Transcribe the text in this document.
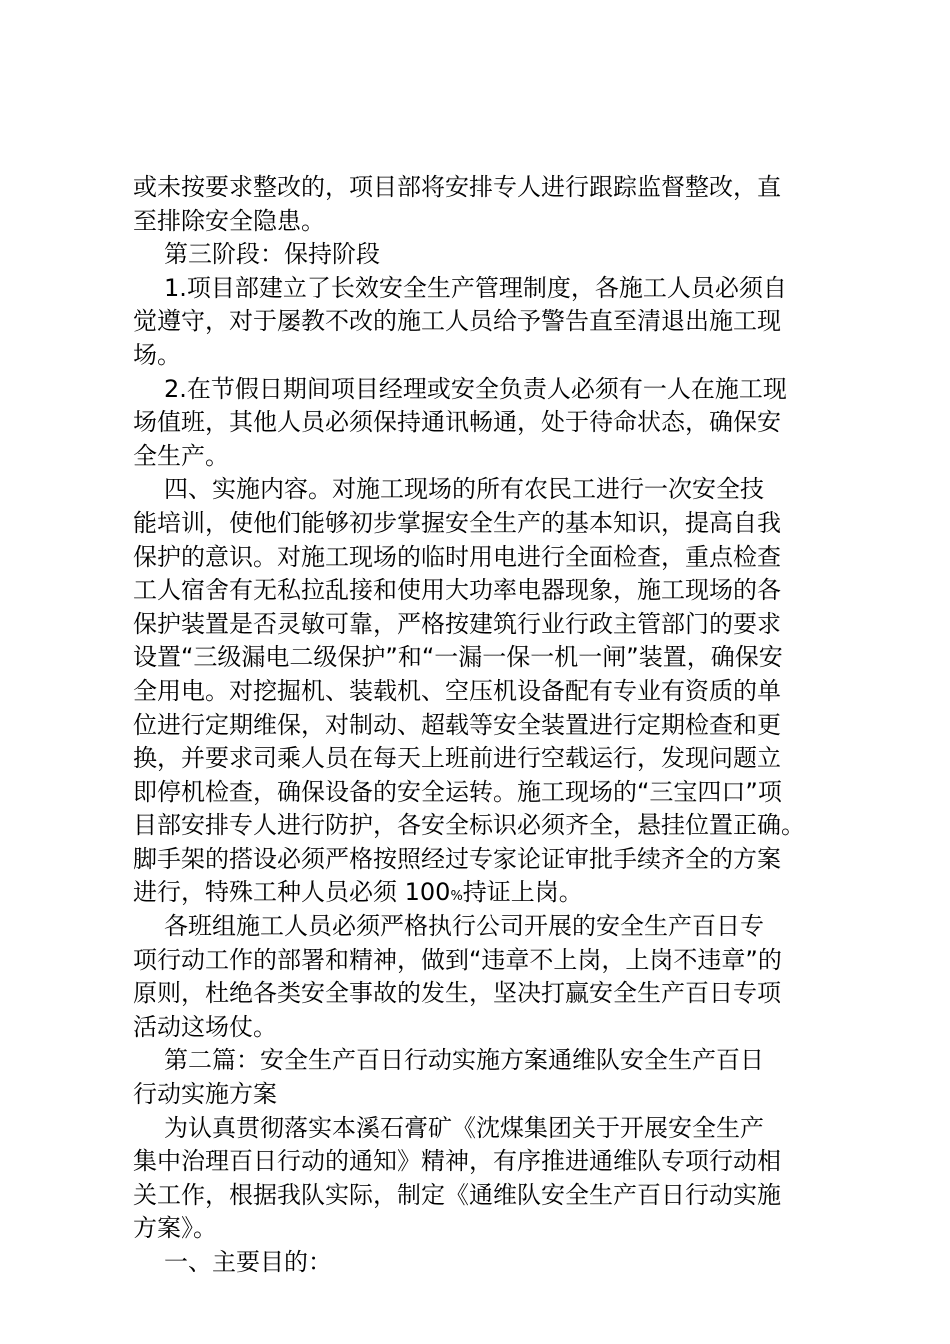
或未按要求整改的，项目部将安排专人进行跟踪监督整改，直
至排除安全隐患。
第三阶段：保持阶段
1.项目部建立了长效安全生产管理制度，各施工人员必须自
觉遵守，对于屡教不改的施工人员给予警告直至清退出施工现
场。
2.在节假日期间项目经理或安全负责人必须有一人在施工现
场值班，其他人员必须保持通讯畅通，处于待命状态，确保安
全生产。
四、实施内容。对施工现场的所有农民工进行一次安全技
能培训，使他们能够初步掌握安全生产的基本知识，提高自我
保护的意识。对施工现场的临时用电进行全面检查，重点检查
工人宿舍有无私拉乱接和使用大功率电器现象，施工现场的各
保护装置是否灵敏可靠，严格按建筑行业行政主管部门的要求
设置“三级漏电二级保护”和“一漏一保一机一闸”装置，确保安
全用电。对挖掘机、装载机、空压机设备配有专业有资质的单
位进行定期维保，对制动、超载等安全装置进行定期检查和更
换，并要求司乘人员在每天上班前进行空载运行，发现问题立
即停机检查，确保设备的安全运转。施工现场的“三宝四口”项
目部安排专人进行防护，各安全标识必须齐全，悬挂位置正确。
脚手架的搭设必须严格按照经过专家论证审批手续齐全的方案
进行，特殊工种人员必须 100%持证上岗。
各班组施工人员必须严格执行公司开展的安全生产百日专
项行动工作的部署和精神，做到“违章不上岗，上岗不违章”的
原则，杜绝各类安全事故的发生，坚决打赢安全生产百日专项
活动这场仗。
第二篇：安全生产百日行动实施方案通维队安全生产百日
行动实施方案
为认真贯彻落实本溪石膏矿《沈煤集团关于开展安全生产
集中治理百日行动的通知》精神，有序推进通维队专项行动相
关工作，根据我队实际，制定《通维队安全生产百日行动实施
方案》。
一、主要目的：
